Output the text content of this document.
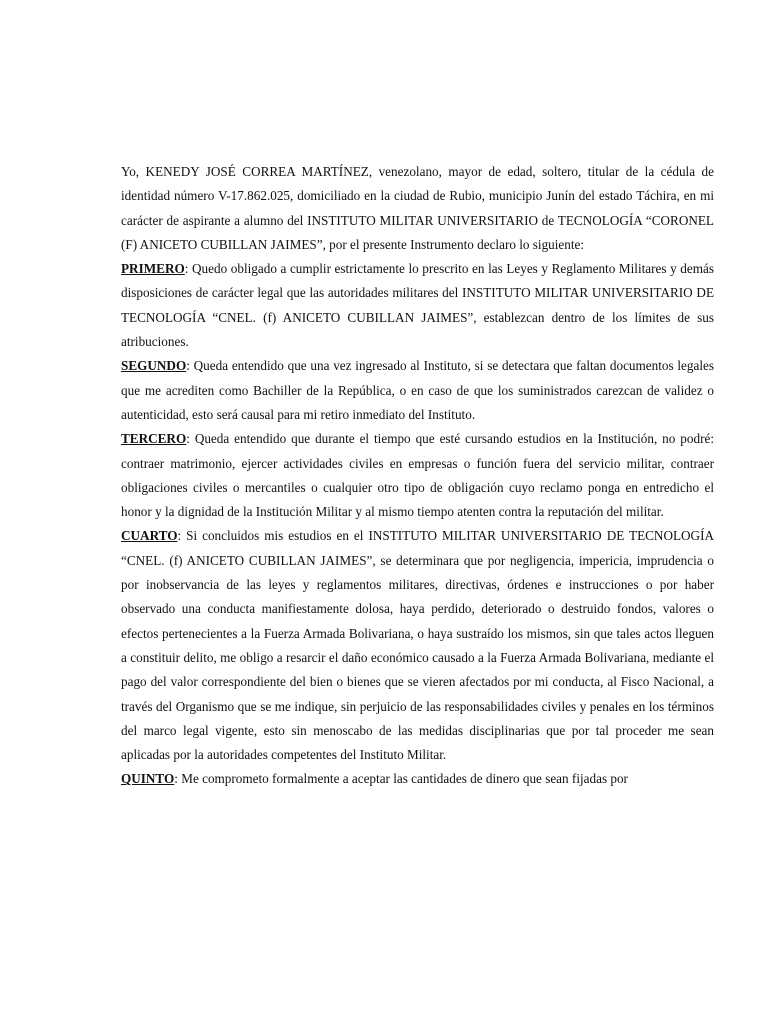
Yo, KENEDY JOSÉ CORREA MARTÍNEZ, venezolano, mayor de edad, soltero, titular de la cédula de identidad número V-17.862.025, domiciliado en la ciudad de Rubio, municipio Junín del estado Táchira, en mi carácter de aspirante a alumno del INSTITUTO MILITAR UNIVERSITARIO de TECNOLOGÍA “CORONEL (F) ANICETO CUBILLAN JAIMES”, por el presente Instrumento declaro lo siguiente:

PRIMERO: Quedo obligado a cumplir estrictamente lo prescrito en las Leyes y Reglamento Militares y demás disposiciones de carácter legal que las autoridades militares del INSTITUTO MILITAR UNIVERSITARIO DE TECNOLOGÍA “CNEL. (f) ANICETO CUBILLAN JAIMES”, establezcan dentro de los límites de sus atribuciones.

SEGUNDO: Queda entendido que una vez ingresado al Instituto, si se detectara que faltan documentos legales que me acrediten como Bachiller de la República, o en caso de que los suministrados carezcan de validez o autenticidad, esto será causal para mi retiro inmediato del Instituto.

TERCERO: Queda entendido que durante el tiempo que esté cursando estudios en la Institución, no podré: contraer matrimonio, ejercer actividades civiles en empresas o función fuera del servicio militar, contraer obligaciones civiles o mercantiles o cualquier otro tipo de obligación cuyo reclamo ponga en entredicho el honor y la dignidad de la Institución Militar y al mismo tiempo atenten contra la reputación del militar.

CUARTO: Si concluidos mis estudios en el INSTITUTO MILITAR UNIVERSITARIO DE TECNOLOGÍA “CNEL. (f) ANICETO CUBILLAN JAIMES”, se determinara que por negligencia, impericia, imprudencia o por inobservancia de las leyes y reglamentos militares, directivas, órdenes e instrucciones o por haber observado una conducta manifiestamente dolosa, haya perdido, deteriorado o destruido fondos, valores o efectos pertenecientes a la Fuerza Armada Bolivariana, o haya sustraído los mismos, sin que tales actos lleguen a constituir delito, me obligo a resarcir el daño económico causado a la Fuerza Armada Bolivariana, mediante el pago del valor correspondiente del bien o bienes que se vieren afectados por mi conducta, al Fisco Nacional, a través del Organismo que se me indique, sin perjuicio de las responsabilidades civiles y penales en los términos del marco legal vigente, esto sin menoscabo de las medidas disciplinarias que por tal proceder me sean aplicadas por la autoridades competentes del Instituto Militar.

QUINTO: Me comprometo formalmente a aceptar las cantidades de dinero que sean fijadas por
